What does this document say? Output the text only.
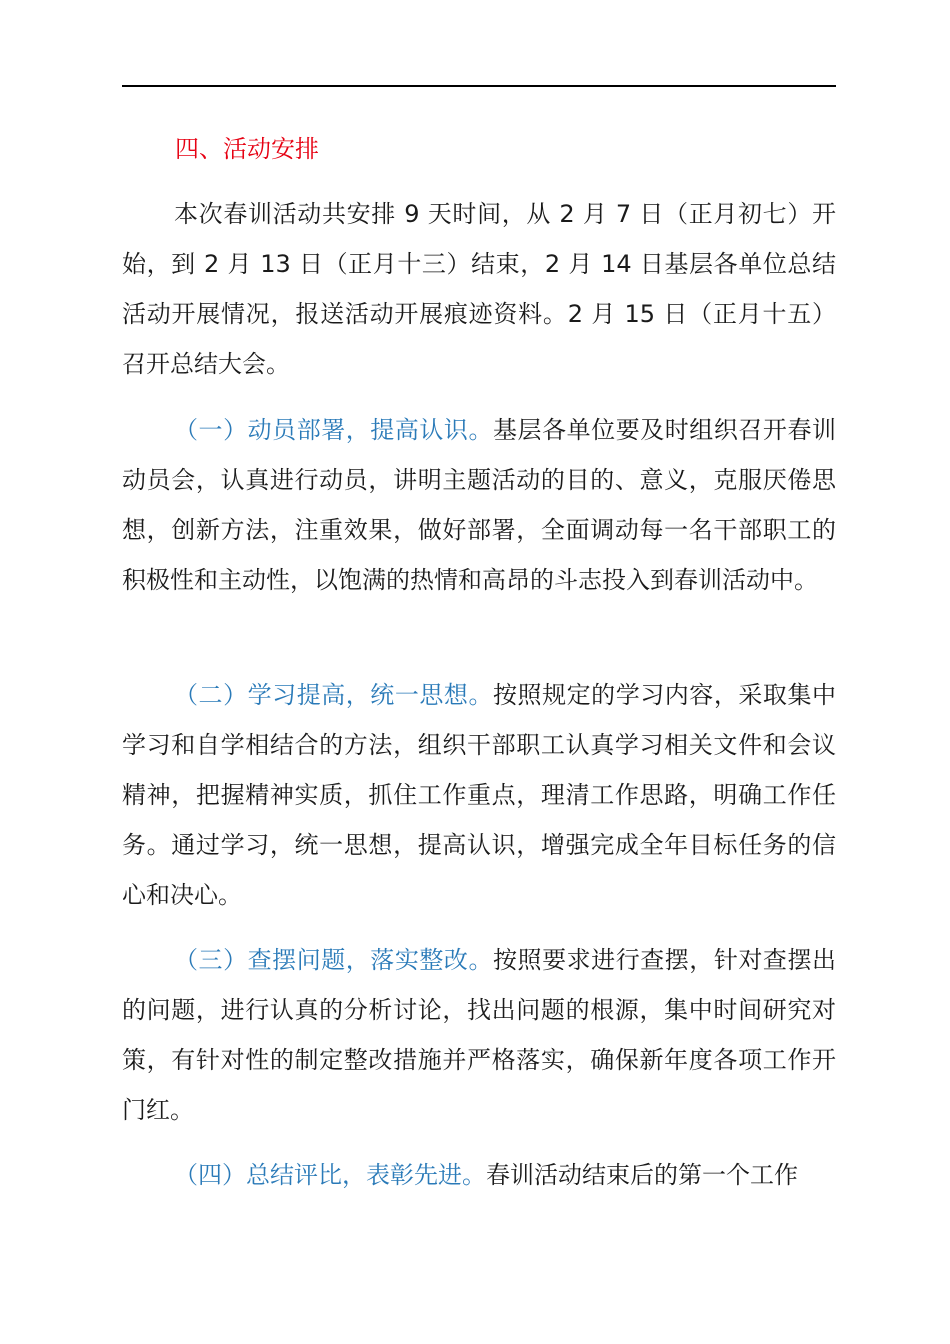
四、活动安排

本次春训活动共安排 9 天时间，从 2 月 7 日（正月初七）开始，到 2 月 13 日（正月十三）结束，2 月 14 日基层各单位总结活动开展情况，报送活动开展痕迹资料。2 月 15 日（正月十五）召开总结大会。

（一）动员部署，提高认识。基层各单位要及时组织召开春训动员会，认真进行动员，讲明主题活动的目的、意义，克服厌倦思想，创新方法，注重效果，做好部署，全面调动每一名干部职工的积极性和主动性，以饱满的热情和高昂的斗志投入到春训活动中。

（二）学习提高，统一思想。按照规定的学习内容，采取集中学习和自学相结合的方法，组织干部职工认真学习相关文件和会议精神，把握精神实质，抓住工作重点，理清工作思路，明确工作任务。通过学习，统一思想，提高认识，增强完成全年目标任务的信心和决心。

（三）查摆问题，落实整改。按照要求进行查摆，针对查摆出的问题，进行认真的分析讨论，找出问题的根源，集中时间研究对策，有针对性的制定整改措施并严格落实，确保新年度各项工作开门红。

（四）总结评比，表彰先进。春训活动结束后的第一个工作
